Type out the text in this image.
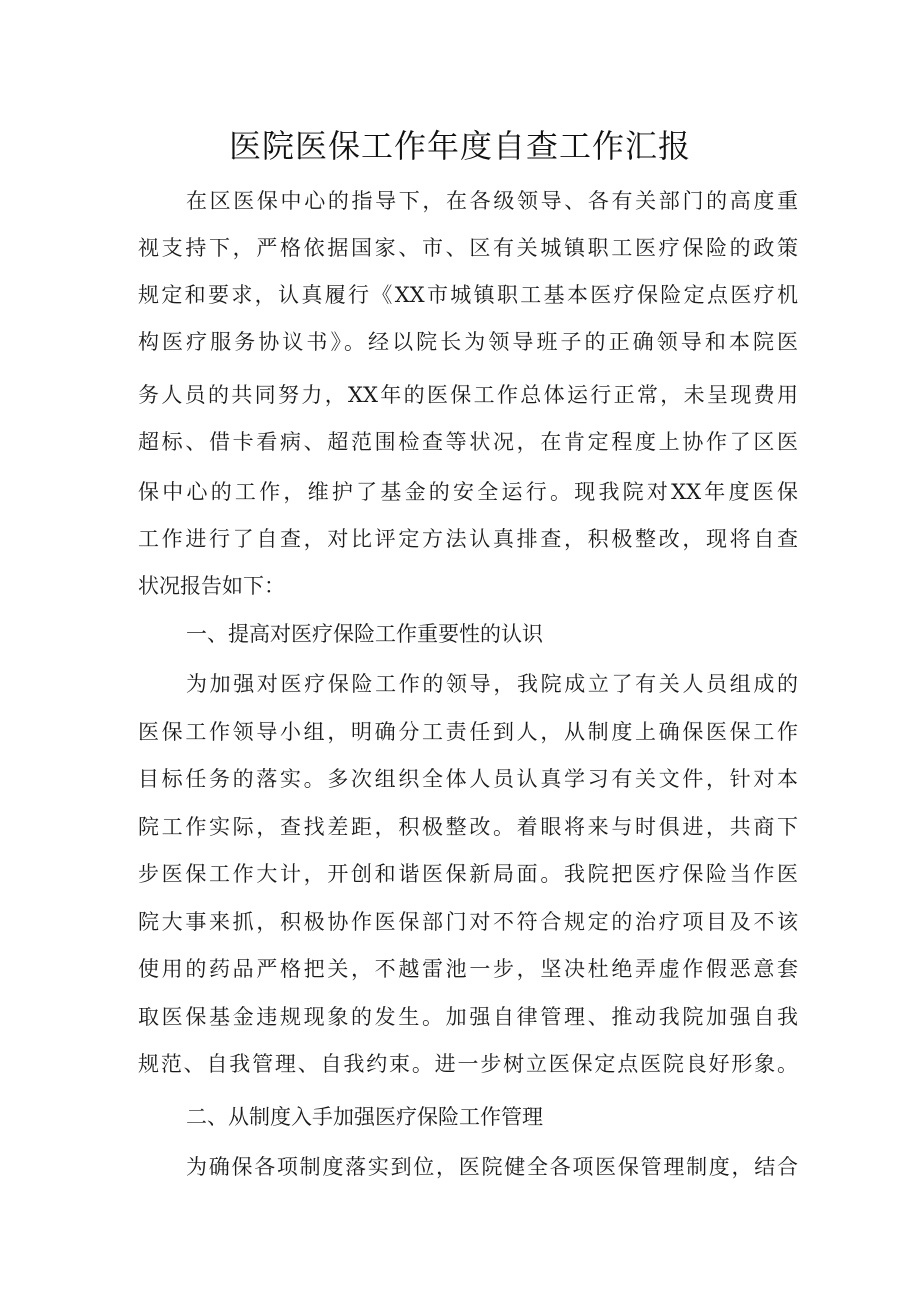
医院医保工作年度自查工作汇报

在区医保中心的指导下，在各级领导、各有关部门的高度重

视支持下，严格依据国家、市、区有关城镇职工医疗保险的政策

规定和要求，认真履行《XX市城镇职工基本医疗保险定点医疗机

构医疗服务协议书》。经以院长为领导班子的正确领导和本院医

务人员的共同努力，XX年的医保工作总体运行正常，未呈现费用

超标、借卡看病、超范围检查等状况，在肯定程度上协作了区医

保中心的工作，维护了基金的安全运行。现我院对XX年度医保

工作进行了自查，对比评定方法认真排查，积极整改，现将自查

状况报告如下：

一、提高对医疗保险工作重要性的认识

为加强对医疗保险工作的领导，我院成立了有关人员组成的

医保工作领导小组，明确分工责任到人，从制度上确保医保工作

目标任务的落实。多次组织全体人员认真学习有关文件，针对本

院工作实际，查找差距，积极整改。着眼将来与时俱进，共商下

步医保工作大计，开创和谐医保新局面。我院把医疗保险当作医

院大事来抓，积极协作医保部门对不符合规定的治疗项目及不该

使用的药品严格把关，不越雷池一步，坚决杜绝弄虚作假恶意套

取医保基金违规现象的发生。加强自律管理、推动我院加强自我

规范、自我管理、自我约束。进一步树立医保定点医院良好形象。

二、从制度入手加强医疗保险工作管理

为确保各项制度落实到位，医院健全各项医保管理制度，结合
